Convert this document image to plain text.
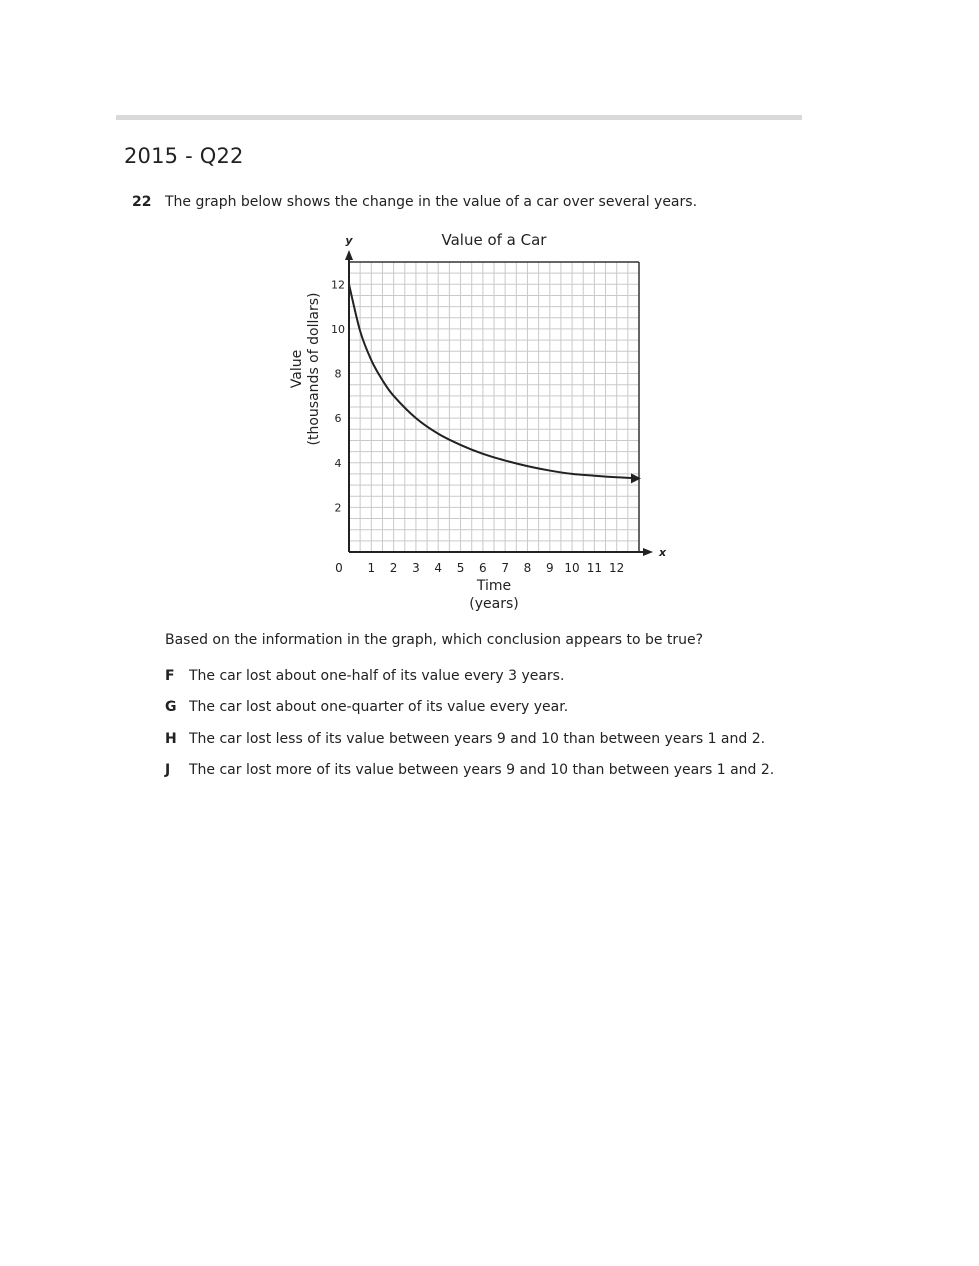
2015 - Q22
22 The graph below shows the change in the value of a car over several years.
1 2 3 4 5 6 7 8 9 10 11 12
0
2
4
6
8
10
12
x
y	Value of a Car
Time
(years)
Value (thousands of dollars)
Based on the information in the graph, which conclusion appears to be true?
F The car lost about one-half of its value every 3 years.
G The car lost about one-quarter of its value every year.
H The car lost less of its value between years 9 and 10 than between years 1 and 2.
J The car lost more of its value between years 9 and 10 than between years 1 and 2.
